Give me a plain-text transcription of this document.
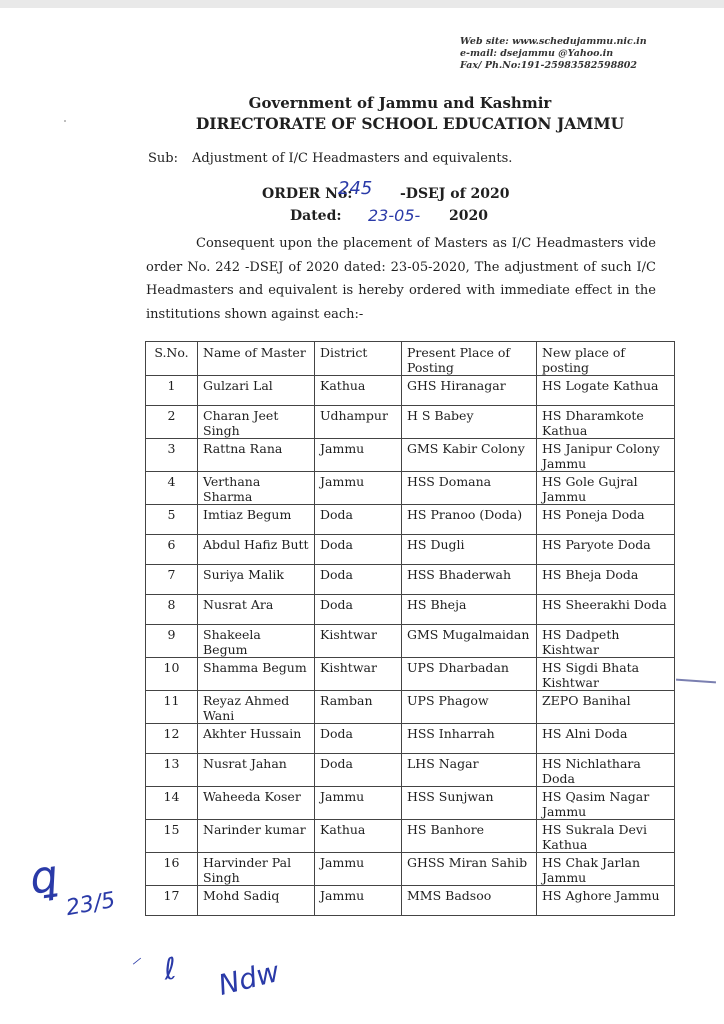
Web site: www.schedujammu.nic.in
e-mail: dsejammu @Yahoo.in
Fax/ Ph.No:191-25983582598802
Government of Jammu and Kashmir
DIRECTORATE OF SCHOOL EDUCATION JAMMU
Sub: Adjustment of I/C Headmasters and equivalents.
ORDER No:
245 -DSEJ of 2020
Dated: 23-05- 2020
Consequent upon the placement of Masters as I/C Headmasters vide order No. 242 -DSEJ of 2020 dated: 23-05-2020, The adjustment of such I/C Headmasters and equivalent is hereby ordered with immediate effect in the institutions shown against each:-
S.No.	Name of Master	District	Present Place of Posting	New place of posting
1	Gulzari Lal	Kathua	GHS Hiranagar	HS Logate Kathua
2	Charan Jeet Singh	Udhampur	H S Babey	HS Dharamkote Kathua
3	Rattna Rana	Jammu	GMS Kabir Colony	HS Janipur Colony Jammu
4	Verthana Sharma	Jammu	HSS Domana	HS Gole Gujral Jammu
5	Imtiaz Begum	Doda	HS Pranoo (Doda)	HS Poneja Doda
6	Abdul Hafiz Butt	Doda	HS Dugli	HS Paryote Doda
7	Suriya Malik	Doda	HSS Bhaderwah	HS Bheja Doda
8	Nusrat Ara	Doda	HS Bheja	HS Sheerakhi Doda
9	Shakeela Begum	Kishtwar	GMS Mugalmaidan	HS Dadpeth Kishtwar
10	Shamma Begum	Kishtwar	UPS Dharbadan	HS Sigdi Bhata Kishtwar
11	Reyaz Ahmed Wani	Ramban	UPS Phagow	ZEPO Banihal
12	Akhter Hussain	Doda	HSS Inharrah	HS Alni Doda
13	Nusrat Jahan	Doda	LHS Nagar	HS Nichlathara Doda
14	Waheeda Koser	Jammu	HSS Sunjwan	HS Qasim Nagar Jammu
15	Narinder kumar	Kathua	HS Banhore	HS Sukrala Devi Kathua
16	Harvinder Pal Singh	Jammu	GHSS Miran Sahib	HS Chak Jarlan Jammu
17	Mohd Sadiq	Jammu	MMS Badsoo	HS Aghore Jammu
ꝗ 23/5
⸝ ℓ Ndw
